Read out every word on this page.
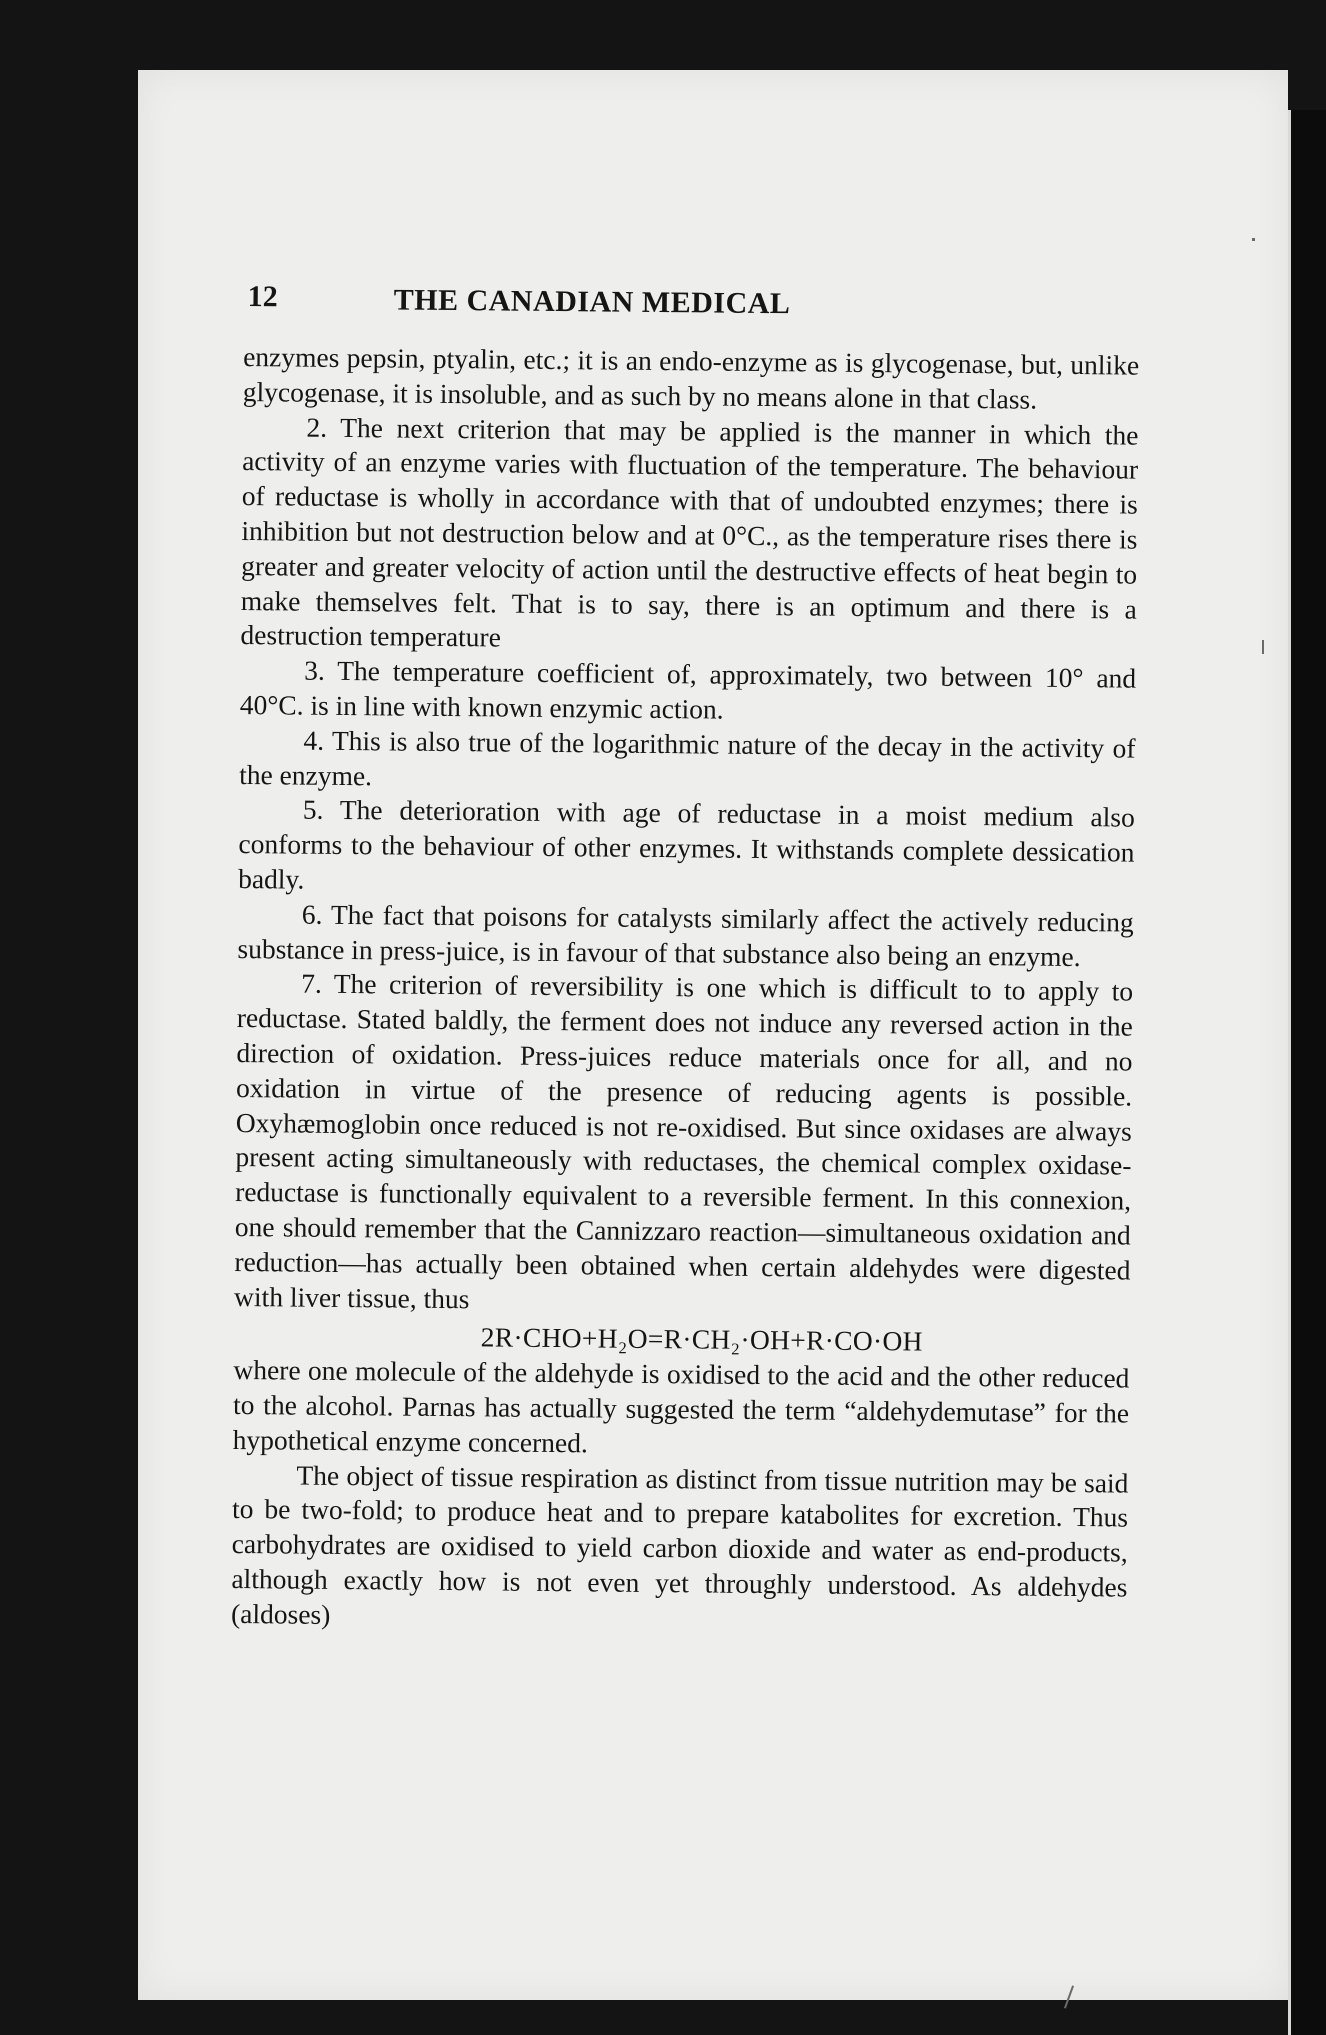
12	THE CANADIAN MEDICAL

enzymes pepsin, ptyalin, etc.; it is an endo-enzyme as is glycogenase, but, unlike glycogenase, it is insoluble, and as such by no means alone in that class.

2. The next criterion that may be applied is the manner in which the activity of an enzyme varies with fluctuation of the temperature. The behaviour of reductase is wholly in accordance with that of undoubted enzymes; there is inhibition but not destruction below and at 0°C., as the temperature rises there is greater and greater velocity of action until the destructive effects of heat begin to make themselves felt. That is to say, there is an optimum and there is a destruction temperature

3. The temperature coefficient of, approximately, two between 10° and 40°C. is in line with known enzymic action.

4. This is also true of the logarithmic nature of the decay in the activity of the enzyme.

5. The deterioration with age of reductase in a moist medium also conforms to the behaviour of other enzymes. It withstands complete dessication badly.

6. The fact that poisons for catalysts similarly affect the actively reducing substance in press-juice, is in favour of that substance also being an enzyme.

7. The criterion of reversibility is one which is difficult to to apply to reductase. Stated baldly, the ferment does not induce any reversed action in the direction of oxidation. Press-juices reduce materials once for all, and no oxidation in virtue of the presence of reducing agents is possible. Oxyhæmoglobin once reduced is not re-oxidised. But since oxidases are always present acting simultaneously with reductases, the chemical complex oxidase-reductase is functionally equivalent to a reversible ferment. In this connexion, one should remember that the Cannizzaro reaction—simultaneous oxidation and reduction—has actually been obtained when certain aldehydes were digested with liver tissue, thus

2R·CHO+H₂O=R·CH₂·OH+R·CO·OH

where one molecule of the aldehyde is oxidised to the acid and the other reduced to the alcohol. Parnas has actually suggested the term “aldehydemutase” for the hypothetical enzyme concerned.

The object of tissue respiration as distinct from tissue nutrition may be said to be two-fold; to produce heat and to prepare katabolites for excretion. Thus carbohydrates are oxidised to yield carbon dioxide and water as end-products, although exactly how is not even yet throughly understood. As aldehydes (aldoses)
